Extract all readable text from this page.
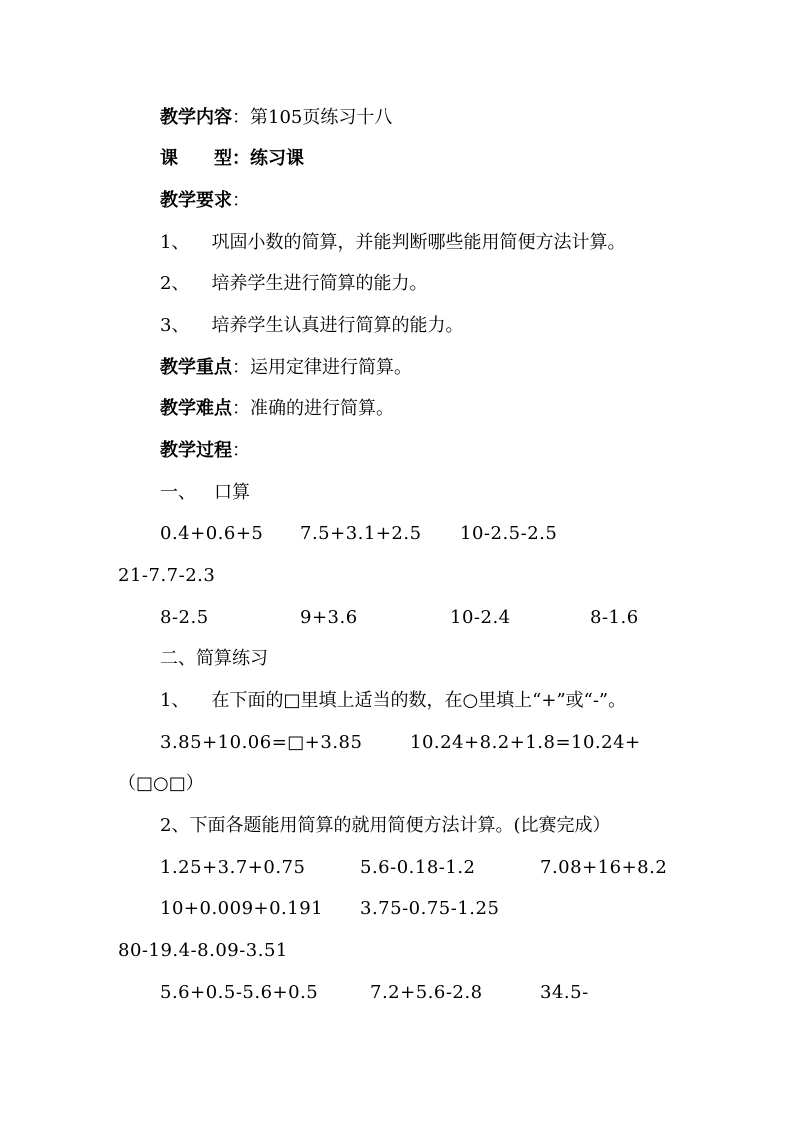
教学内容：第105页练习十八
课　　型：练习课
教学要求：
1、 巩固小数的简算，并能判断哪些能用简便方法计算。
2、 培养学生进行简算的能力。
3、 培养学生认真进行简算的能力。
教学重点：运用定律进行简算。
教学难点：准确的进行简算。
教学过程：
一、 口算
0.4+0.6+5 7.5+3.1+2.5 10-2.5-2.5
21-7.7-2.3
8-2.5	9+3.6	10-2.4	8-1.6
二、简算练习
1、 在下面的□里填上适当的数，在○里填上“+”或“-”。
3.85+10.06=□+3.85	10.24+8.2+1.8=10.24+
（□○□）
2、下面各题能用简算的就用简便方法计算。(比赛完成）
1.25+3.7+0.75	5.6-0.18-1.2	7.08+16+8.2
10+0.009+0.191 3.75-0.75-1.25
80-19.4-8.09-3.51
5.6+0.5-5.6+0.5	7.2+5.6-2.8	34.5-
